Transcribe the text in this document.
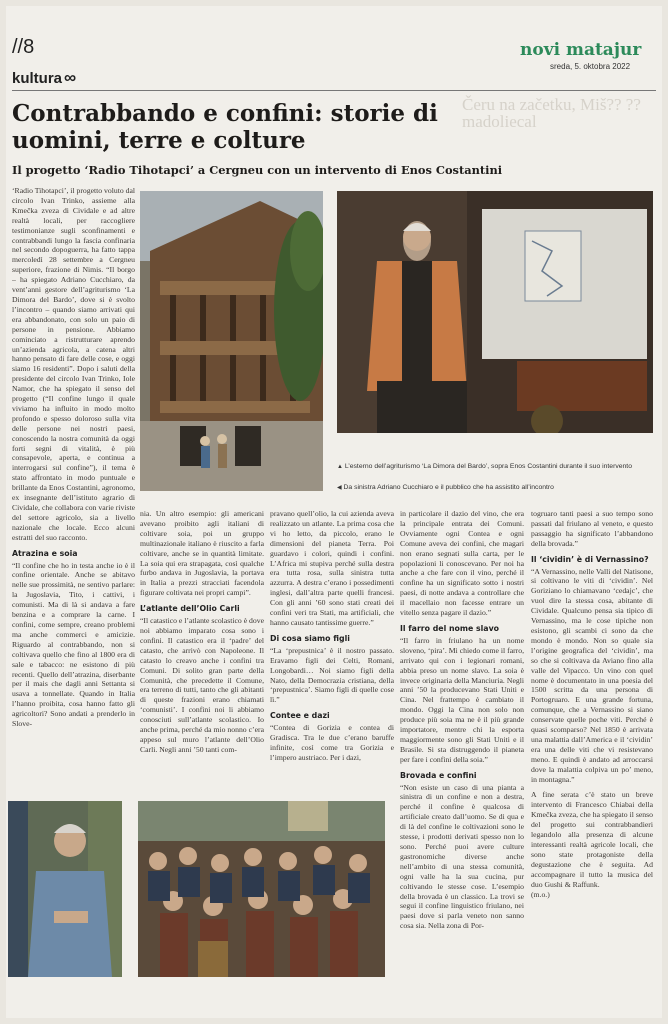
//8
kultura ∞
novi matajur
sreda, 5. oktobra 2022
Čeru na začetku, Miš?? ?? madoliecal
Contrabbando e confini: storie di uomini, terre e colture
Il progetto ‘Radio Tihotapci’ a Cergneu con un intervento di Enos Costantini

‘Radio Tihotapci’, il progetto voluto dal circolo Ivan Trinko, assieme alla Kmečka zveza di Cividale e ad altre realtà locali, per raccogliere testimonianze sugli sconfinamenti e contrabbandi lungo la fascia confinaria nel secondo dopoguerra, ha fatto tappa mercoledì 28 settembre a Cergneu superiore, frazione di Nimis. “Il borgo – ha spiegato Adriano Cucchiaro, da vent’anni gestore dell’agriturismo ‘La Dimora del Bardo’, dove si è svolto l’incontro – quando siamo arrivati qui era abbandonato, con solo un paio di persone in pensione. Abbiamo cominciato a ristrutturare aprendo un’azienda agricola, a catena altri hanno pensato di fare delle cose, e oggi siamo 16 residenti”. Dopo i saluti della presidente del circolo Ivan Trinko, Iole Namor, che ha spiegato il senso del progetto (“Il confine lungo il quale viviamo ha influito in modo molto profondo e spesso doloroso sulla vita delle persone nei nostri paesi, conoscendo la nostra comunità da oggi forti segni di vitalità, è più consapevole, aperta, e continua a interrogarsi sul confine”), il tema è stato affrontato in modo puntuale e brillante da Enos Costantini, agronomo, ex insegnante dell’istituto agrario di Cividale, che collabora con varie riviste del settore agricolo, sia a livello nazionale che locale. Ecco alcuni estratti del suo racconto.

Atrazina e soia

“Il confine che ho in testa anche io è il confine orientale. Anche se abitavo nelle sue prossimità, ne sentivo parlare: la Jugoslavia, Tito, i cattivi, i comunisti. Ma di là si andava a fare benzina e a comprare la carne. I confini, come sempre, creano problemi ma anche commerci e amicizie. Riguardo al contrabbando, non si coltivava quello che fino al 1800 era di sale e tabacco: ne esistono di più recenti. Quello dell’atrazina, diserbante per il mais che dagli anni Settanta si usava a tonnellate. Quando in Italia l’hanno proibita, cosa hanno fatto gli agricoltori? Sono andati a prenderlo in Slove-

▲ L’esterno dell’agriturismo ‘La Dimora del Bardo’, sopra Enos Costantini durante il suo intervento
◀ Da sinistra Adriano Cucchiaro e il pubblico che ha assistito all’incontro

nia. Un altro esempio: gli americani avevano proibito agli italiani di coltivare soia, poi un gruppo multinazionale italiano è riuscito a farla coltivare, anche se in quantità limitate. La soia qui era strapagata, così qualche furbo andava in Jugoslavia, la portava in Italia a prezzi stracciati facendola figurare coltivata nei propri campi”.

L’atlante dell’Olio Carli

“Il catastico e l’atlante scolastico è dove noi abbiamo imparato cosa sono i confini. Il catastico era il ‘padre’ del catasto, che arrivò con Napoleone. Il catasto lo creavo anche i confini tra Comuni. Di solito gran parte della Comunità, che precedette il Comune, era terreno di tutti, tanto che gli abitanti di queste frazioni erano chiamati ‘comunisti’. I confini noi li abbiamo conosciuti sull’atlante scolastico. Io anche prima, perché da mio nonno c’era appeso sul muro l’atlante dell’Olio Carli. Negli anni ’50 tanti com-

pravano quell’olio, la cui azienda aveva realizzato un atlante. La prima cosa che vi ho letto, da piccolo, erano le dimensioni del pianeta Terra. Poi guardavo i colori, quindi i confini. L’Africa mi stupiva perché sulla destra era tutta rosa, sulla sinistra tutta azzurra. A destra c’erano i possedimenti inglesi, dall’altra parte quelli francesi. Con gli anni ’60 sono stati creati dei confini veri tra Stati, ma artificiali, che hanno causato tantissime guerre.”

Di cosa siamo figli

“La ‘prepustnica’ è il nostro passato. Eravamo figli dei Celti, Romani, Longobardi… Noi siamo figli della Nato, della Democrazia cristiana, della ‘prepustnica’. Siamo figli di quelle cose lì.”

Contee e dazi

“Contea di Gorizia e contea di Gradisca. Tra le due c’erano baruffe infinite, così come tra Gorizia e l’impero austriaco. Per i dazi,

in particolare il dazio del vino, che era la principale entrata dei Comuni. Ovviamente ogni Contea e ogni Comune aveva dei confini, che magari non erano segnati sulla carta, per le popolazioni li conoscevano. Per noi ha anche a che fare con il vino, perché il confine ha un significato sotto i nostri paesi, di notte andava a controllare che il macellaio non facesse entrare un vitello senza pagare il dazio.”

Il farro del nome slavo

“Il farro in friulano ha un nome sloveno, ‘pira’. Mi chiedo come il farro, arrivato qui con i legionari romani, abbia preso un nome slavo. La soia è invece originaria della Manciuria. Negli anni ’50 la producevano Stati Uniti e Cina. Nel frattempo è cambiato il mondo. Oggi la Cina non solo non produce più soia ma ne è il più grande importatore, mentre chi la esporta maggiormente sono gli Stati Uniti e il Brasile. Si sta distruggendo il pianeta per fare i confini della soia.”

Brovada e confini

“Non esiste un caso di una pianta a sinistra di un confine e non a destra, perché il confine è qualcosa di artificiale creato dall’uomo. Se di qua e di là del confine le coltivazioni sono le stesse, i prodotti derivati spesso non lo sono. Perché puoi avere culture gastronomiche diverse anche nell’ambito di una stessa comunità, ogni valle ha la sua cucina, pur coltivando le stesse cose. L’esempio della brovada è un classico. La trovi se segui il confine linguistico friulano, nei paesi dove si parla veneto non sanno cosa sia. Nella zona di Por-

togruaro tanti paesi a suo tempo sono passati dal friulano al veneto, e questo passaggio ha significato l’abbandono della brovada.”

Il ‘cividin’ è di Vernassino?

“A Vernassino, nelle Valli del Natisone, si coltivano le viti di ‘cividin’. Nel Goriziano lo chiamavano ‘cedajc’, che vuol dire la stessa cosa, abitante di Cividale. Qualcuno pensa sia tipico di Vernassino, ma le cose tipiche non esistono, gli scambi ci sono da che mondo è mondo. Non so quale sia l’origine geografica del ‘cividin’, ma so che si coltivava da Aviano fino alla valle del Vipacco. Un vino con quel nome è documentato in una poesia del 1500 scritta da una persona di Portogruaro. E una grande fortuna, comunque, che a Vernassino si siano conservate quelle poche viti. Perché è quasi scomparso? Nel 1850 è arrivata una malattia dall’America e il ‘cividin’ era una delle viti che vi resistevano meno. E quindi è andato ad arroccarsi dove la malattia colpiva un po’ meno, in montagna.”

A fine serata c’è stato un breve intervento di Francesco Chiabai della Kmečka zveza, che ha spiegato il senso del progetto sui contrabbandieri legandolo alla presenza di alcune interessanti realtà agricole locali, che sono state protagoniste della degustazione che è seguita. Ad accompagnare il tutto la musica del duo Gushi & Raffunk.

(m.o.)
